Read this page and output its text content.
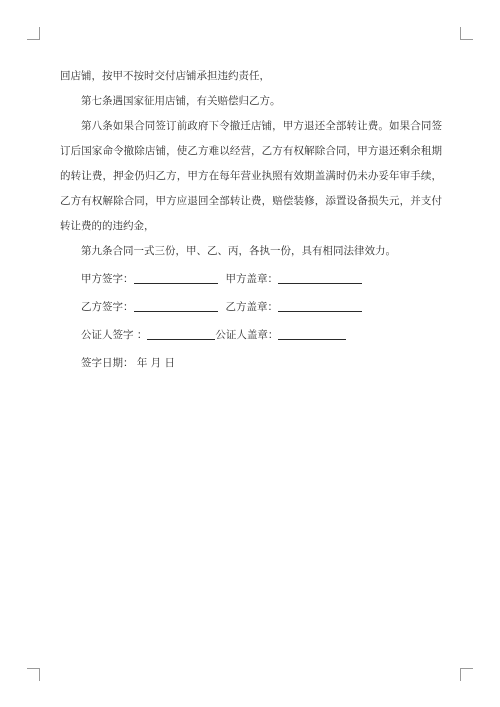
回店铺，按甲不按时交付店铺承担违约责任，

第七条遇国家征用店铺，有关赔偿归乙方。

第八条如果合同签订前政府下令撤迁店铺，甲方退还全部转让费。如果合同签订后国家命令撤除店铺，使乙方难以经营，乙方有权解除合同，甲方退还剩余租期的转让费，押金仍归乙方，甲方在每年营业执照有效期盖满时仍未办妥年审手续，乙方有权解除合同，甲方应退回全部转让费，赔偿装修，添置设备损失元，并支付转让费的的违约金，

第九条合同一式三份，甲、乙、丙，各执一份，具有相同法律效力。

甲方签字：	甲方盖章：

乙方签字：	乙方盖章：

公证人签字 ：	公证人盖章：

签字日期： 年 月 日
